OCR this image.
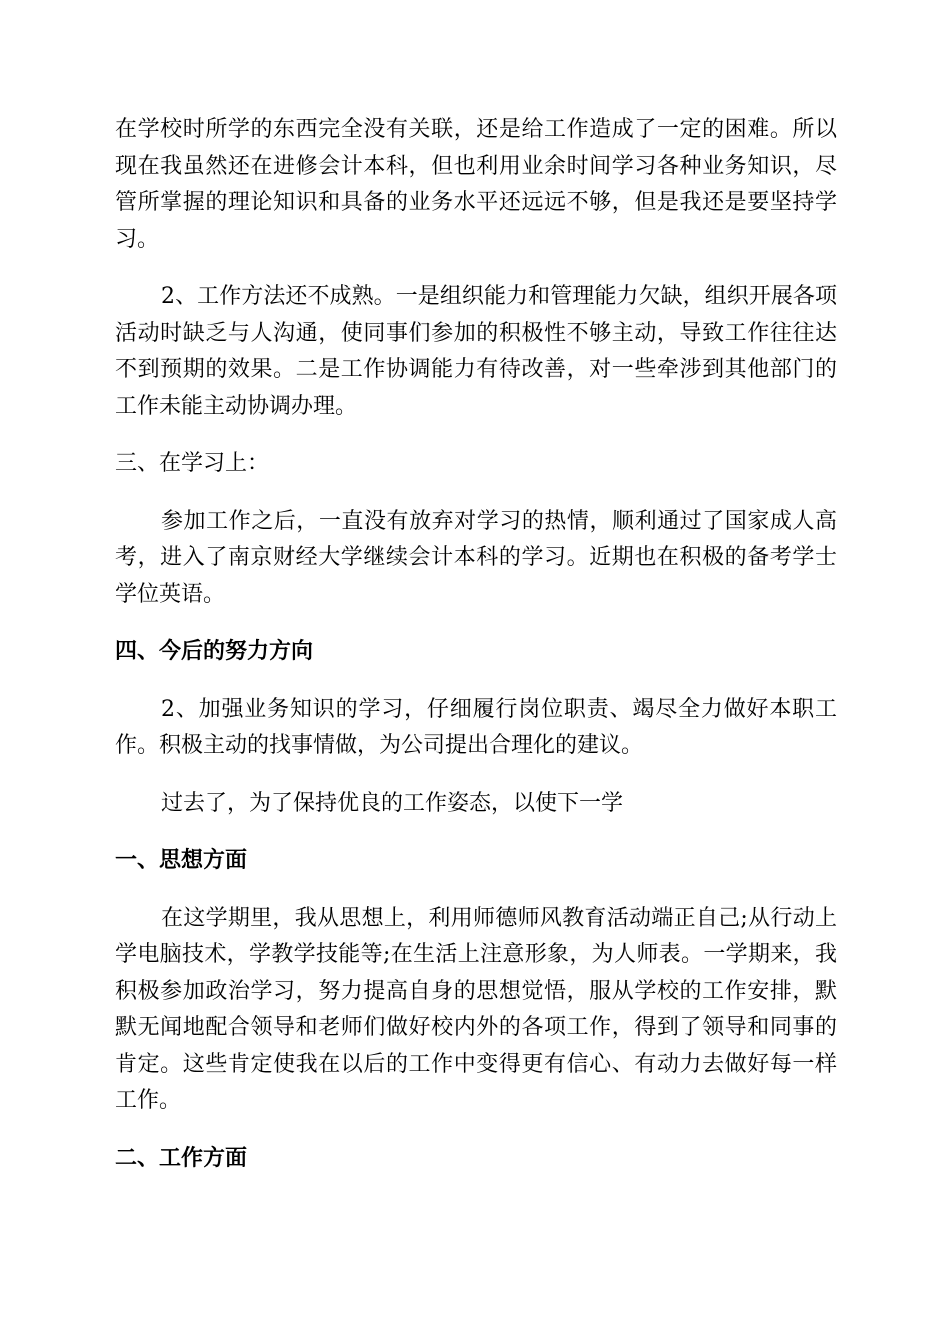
在学校时所学的东西完全没有关联，还是给工作造成了一定的困难。所以现在我虽然还在进修会计本科，但也利用业余时间学习各种业务知识，尽管所掌握的理论知识和具备的业务水平还远远不够，但是我还是要坚持学习。

2、工作方法还不成熟。一是组织能力和管理能力欠缺，组织开展各项活动时缺乏与人沟通，使同事们参加的积极性不够主动，导致工作往往达不到预期的效果。二是工作协调能力有待改善，对一些牵涉到其他部门的工作未能主动协调办理。

三、在学习上：

参加工作之后，一直没有放弃对学习的热情，顺利通过了国家成人高考，进入了南京财经大学继续会计本科的学习。近期也在积极的备考学士学位英语。

四、今后的努力方向

2、加强业务知识的学习，仔细履行岗位职责、竭尽全力做好本职工作。积极主动的找事情做，为公司提出合理化的建议。

过去了，为了保持优良的工作姿态，以使下一学

一、思想方面

在这学期里，我从思想上，利用师德师风教育活动端正自己;从行动上学电脑技术，学教学技能等;在生活上注意形象，为人师表。一学期来，我积极参加政治学习，努力提高自身的思想觉悟，服从学校的工作安排，默默无闻地配合领导和老师们做好校内外的各项工作，得到了领导和同事的肯定。这些肯定使我在以后的工作中变得更有信心、有动力去做好每一样工作。

二、工作方面
